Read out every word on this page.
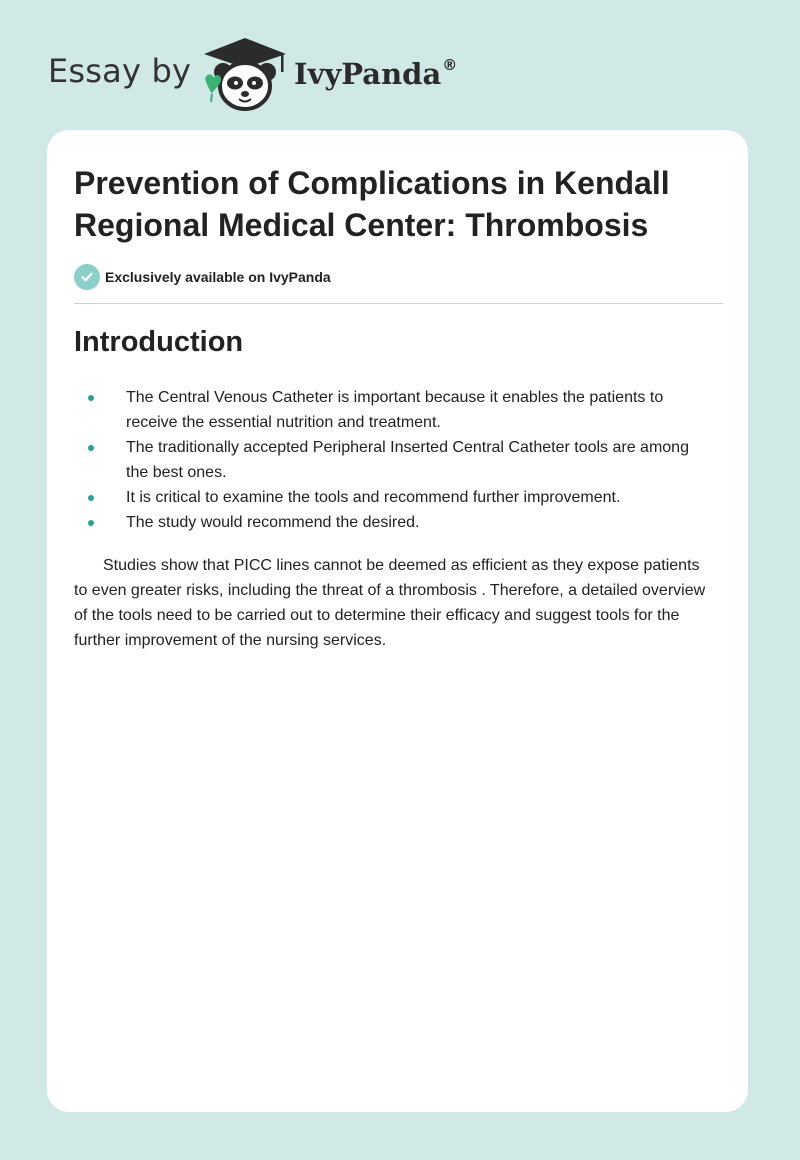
Essay by	IvyPanda®
Prevention of Complications in Kendall Regional Medical Center: Thrombosis
Exclusively available on IvyPanda
Introduction
The Central Venous Catheter is important because it enables the patients to receive the essential nutrition and treatment.
The traditionally accepted Peripheral Inserted Central Catheter tools are among the best ones.
It is critical to examine the tools and recommend further improvement.
The study would recommend the desired.

Studies show that PICC lines cannot be deemed as efficient as they expose patients to even greater risks, including the threat of a thrombosis . Therefore, a detailed overview of the tools need to be carried out to determine their efficacy and suggest tools for the further improvement of the nursing services.
